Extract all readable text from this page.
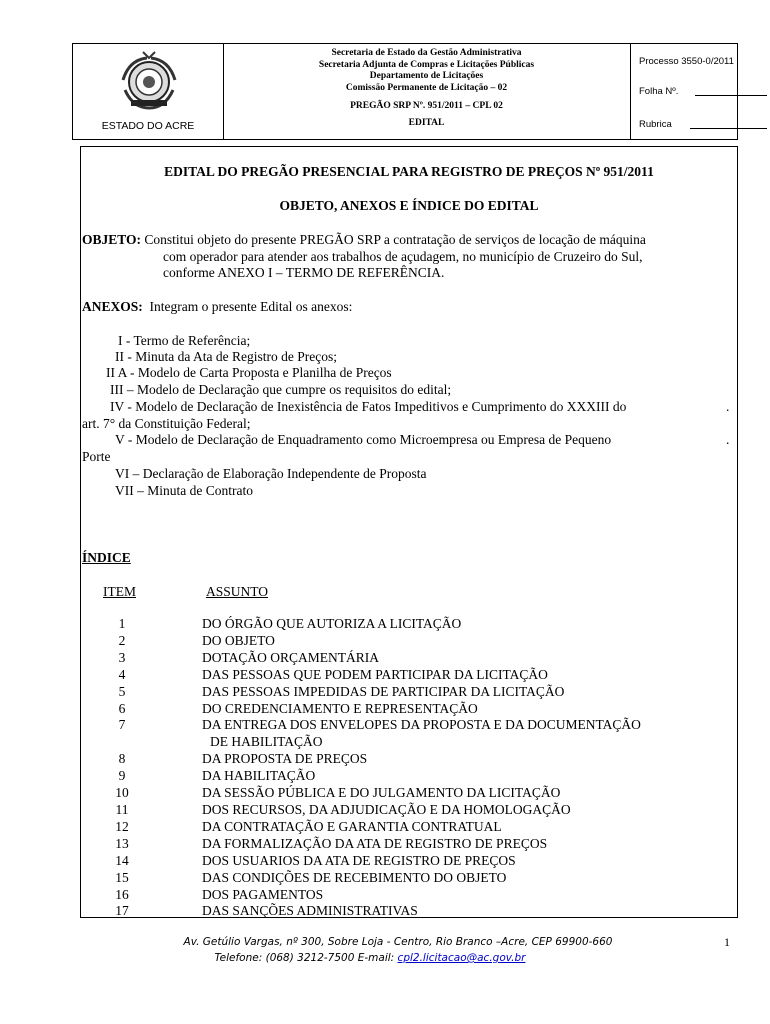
ESTADO DO ACRE
Secretaria de Estado da Gestão Administrativa
Secretaria Adjunta de Compras e Licitações Públicas
Departamento de Licitações
Comissão Permanente de Licitação – 02
PREGÃO SRP Nº. 951/2011 – CPL 02
EDITAL
Processo 3550-0/2011
Folha Nº.
Rubrica
EDITAL DO PREGÃO PRESENCIAL PARA REGISTRO DE PREÇOS Nº 951/2011
OBJETO, ANEXOS E ÍNDICE DO EDITAL
OBJETO: Constitui objeto do presente PREGÃO SRP a contratação de serviços de locação de máquina
com operador para atender aos trabalhos de açudagem, no município de Cruzeiro do Sul,
conforme ANEXO I – TERMO DE REFERÊNCIA.
ANEXOS: Integram o presente Edital os anexos:
I - Termo de Referência;
II - Minuta da Ata de Registro de Preços;
II A - Modelo de Carta Proposta e Planilha de Preços
III – Modelo de Declaração que cumpre os requisitos do edital;
IV - Modelo de Declaração de Inexistência de Fatos Impeditivos e Cumprimento do XXXIII do	.
art. 7° da Constituição Federal;
V - Modelo de Declaração de Enquadramento como Microempresa ou Empresa de Pequeno	.
Porte
VI – Declaração de Elaboração Independente de Proposta
VII – Minuta de Contrato
ÍNDICE
ITEM	ASSUNTO
1	DO ÓRGÃO QUE AUTORIZA A LICITAÇÃO
2	DO OBJETO
3	DOTAÇÃO ORÇAMENTÁRIA
4	DAS PESSOAS QUE PODEM PARTICIPAR DA LICITAÇÃO
5	DAS PESSOAS IMPEDIDAS DE PARTICIPAR DA LICITAÇÃO
6	DO CREDENCIAMENTO E REPRESENTAÇÃO
7	DA ENTREGA DOS ENVELOPES DA PROPOSTA E DA DOCUMENTAÇÃO
DE HABILITAÇÃO
8	DA PROPOSTA DE PREÇOS
9	DA HABILITAÇÃO
10	DA SESSÃO PÚBLICA E DO JULGAMENTO DA LICITAÇÃO
11	DOS RECURSOS, DA ADJUDICAÇÃO E DA HOMOLOGAÇÃO
12	DA CONTRATAÇÃO E GARANTIA CONTRATUAL
13	DA FORMALIZAÇÃO DA ATA DE REGISTRO DE PREÇOS
14	DOS USUARIOS DA ATA DE REGISTRO DE PREÇOS
15	DAS CONDIÇÕES DE RECEBIMENTO DO OBJETO
16	DOS PAGAMENTOS
17	DAS SANÇÕES ADMINISTRATIVAS
Av. Getúlio Vargas, nº 300, Sobre Loja - Centro, Rio Branco –Acre, CEP 69900-660	1
Telefone: (068) 3212-7500 E-mail: cpl2.licitacao@ac.gov.br
